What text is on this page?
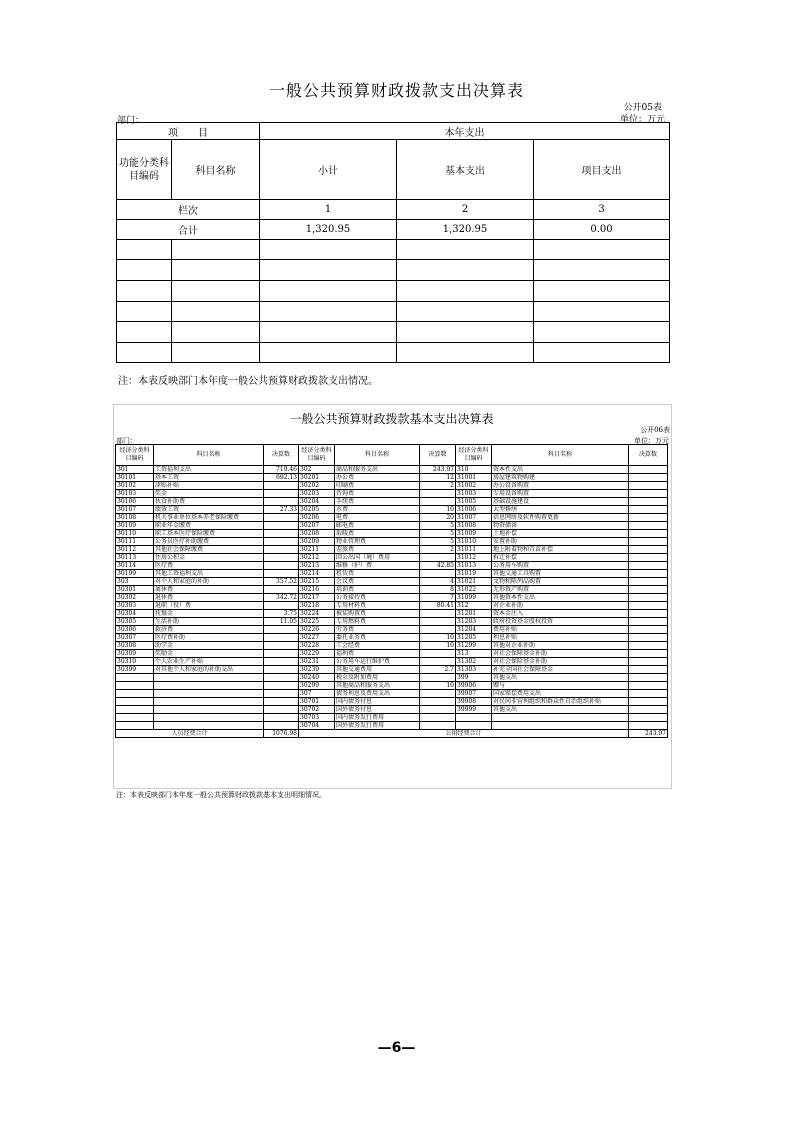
一般公共预算财政拨款支出决算表
公开05表
部门：	单位：万元
项　　目		本年支出		
功能分类科目编码	科目名称	小计	基本支出	项目支出
栏次		1	2	3
合计		1,320.95	1,320.95	0.00

注：本表反映部门本年度一般公共预算财政拨款支出情况。
一般公共预算财政拨款基本支出决算表
公开06表
部门：	单位：万元
经济分类科目编码	科目名称	决算数	经济分类科目编码	科目名称	决算数	经济分类科目编码	科目名称	决算数
301	工资福利支出	719.46	302	商品和服务支出	243.97	310	资本性支出	
30101	基本工资	692.13	30201	办公费	12	31001	房屋建筑物购建	
30102	津贴补贴		30202	印刷费	2	31002	办公设备购置	
30103	奖金		30203	咨询费		31003	专用设备购置	
30106	伙食补助费		30204	手续费		31005	基础设施建设	
30107	绩效工资	27.33	30205	水费	10	31006	大型修缮	
30108	机关事业单位基本养老保险缴费		30206	电费	20	31007	信息网络及软件购置更新	
30109	职业年金缴费		30207	邮电费	5	31008	物资储备	
30110	职工基本医疗保险缴费		30208	取暖费	5	31009	土地补偿	
30111	公务员医疗补助缴费		30209	物业管理费	5	31010	安置补助	
30112	其他社会保障缴费		30211	差旅费	2	31011	地上附着物和青苗补偿	
30113	住房公积金		30212	因公出国（境）费用		31012	拆迁补偿	
30114	医疗费		30213	维修（护）费	42.85	31013	公务用车购置	
30199	其他工资福利支出		30214	租赁费		31019	其他交通工具购置	
303	对个人和家庭的补助	357.52	30215	会议费	4	31021	文物和陈列品购置	
30301	离休费		30216	培训费	8	31022	无形资产购置	
30302	退休费	342.72	30217	公务接待费	7	31099	其他资本性支出	
30303	退职（役）费		30218	专用材料费	80.41	312	对企业补助	
30304	抚恤金	3.75	30224	被装购置费		31201	资本金注入	
30305	生活补助	11.05	30225	专用燃料费		31203	政府投资基金股权投资	
30306	救济费		30226	劳务费		31204	费用补贴	
30307	医疗费补助		30227	委托业务费	10	31205	利息补贴	
30308	助学金		30228	工会经费	10	31299	其他对企业补助	
30309	奖励金		30229	福利费		313	对社会保障基金补助	
30310	个人农业生产补贴		30231	公务用车运行维护费		31302	对社会保险基金补助	
30399	对其他个人和家庭的补助支出		30239	其他交通费用	2.7	31303	补充全国社会保障基金	
			30240	税金及附加费用		399	其他支出	
			30299	其他商品和服务支出	10	39906	赠与	
			307	债务利息及费用支出		39907	国家赔偿费用支出	
			30701	国内债务付息		39908	对民间非营利组织和群众性自治组织补贴	
			30702	国外债务付息		39999	其他支出	
			30703	国内债务发行费用				
			30704	国外债务发行费用				
人员经费合计		1076.98	公用经费合计					243.97
注：本表反映部门本年度一般公共预算财政拨款基本支出明细情况。
—6—
